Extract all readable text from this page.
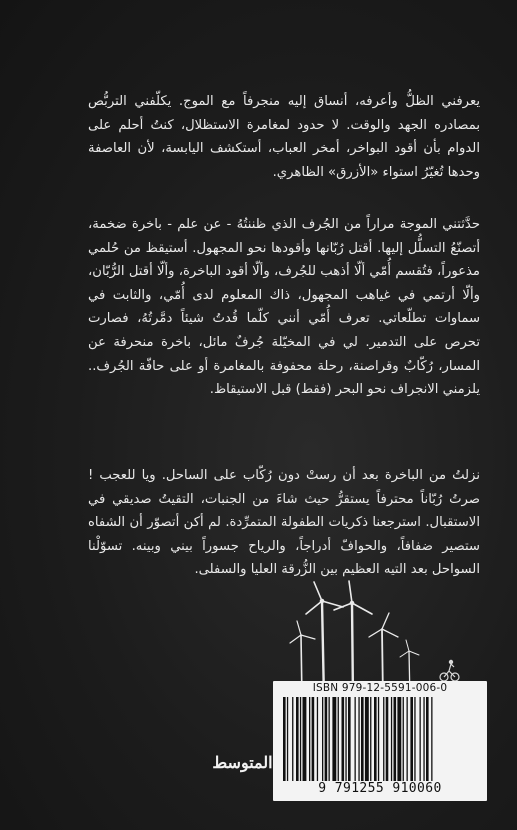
يعرفني الظلُّ وأعرفه، أنساق إليه منجرفاً مع الموج. يكلّفني التربُّص بمصادره الجهد والوقت. لا حدود لمغامرة الاستظلال، كنتُ أحلم على الدوام بأن أقود البواخر، أمخر العباب، أستكشف اليابسة، لأن العاصفة وحدها تُغيّرُ استواء «الأزرق» الظاهري.

حدَّثتني الموجة مراراً من الجُرف الذي ظننتُهُ - عن علم - باخرة ضخمة، أتصنّعُ التسلُّل إليها. أقتل رُبّانها وأقودها نحو المجهول. أستيقظ من حُلمي مذعوراً، فتُقسم أُمّي ألّا أذهب للجُرف، وألّا أقود الباخرة، وألّا أقتل الرُّبّان، وألّا أرتمي في غياهب المجهول، ذاك المعلوم لدى أُمّي، والثابت في سماوات تطلّعاتي. تعرف أُمّي أنني كلّما قُدتُ شيئاً دمَّرتُهُ، فصارت تحرص على التدمير. لي في المخيّلة جُرفٌ مائل، باخرة منحرفة عن المسار، رُكّابٌ وقراصنة، رحلة محفوفة بالمغامرة أو على حافّة الجُرف.. يلزمني الانجراف نحو البحر (فقط) قبل الاستيقاظ.

نزلتُ من الباخرة بعد أن رستْ دون رُكّاب على الساحل. ويا للعجب !صرتُ رُبّاناً محترفاً يستقرُّ حيث شاءَ من الجنبات، التقيتُ صديقي في الاستقبال. استرجعنا ذكريات الطفولة المتمرِّدة. لم أكن أتصوّر أن الشفاه ستصير ضفافاً، والحوافّ أدراجاً، والرياح جسوراً بيني وبينه. تسوّلْنا السواحل بعد التيه العظيم بين الزُّرقة العليا والسفلى.

ISBN 979-12-5591-006-0
9 791255 910060
المتوسط
